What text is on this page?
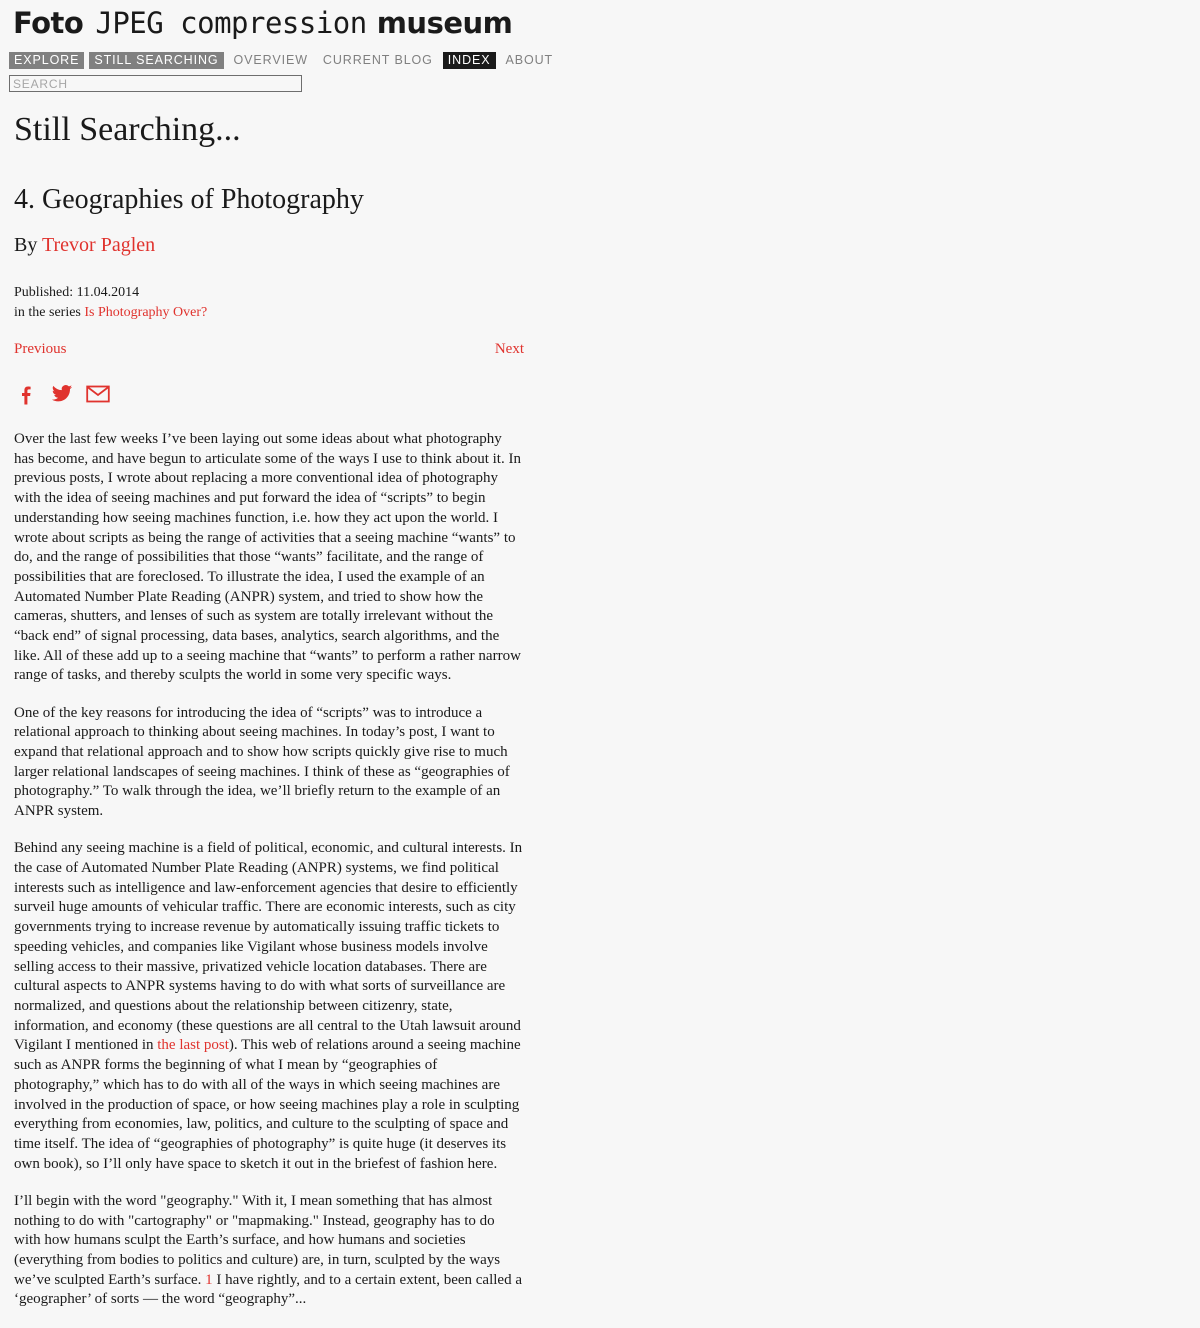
Foto JPEG compression museum
EXPLORE	STILL SEARCHING	OVERVIEW	CURRENT BLOG	INDEX	ABOUT
SEARCH
Still Searching...
4. Geographies of Photography
By Trevor Paglen
Published: 11.04.2014
in the series Is Photography Over?
Previous	Next

Over the last few weeks I’ve been laying out some ideas about what photography has become, and have begun to articulate some of the ways I use to think about it. In previous posts, I wrote about replacing a more conventional idea of photography with the idea of seeing machines and put forward the idea of “scripts” to begin understanding how seeing machines function, i.e. how they act upon the world. I wrote about scripts as being the range of activities that a seeing machine “wants” to do, and the range of possibilities that those “wants” facilitate, and the range of possibilities that are foreclosed. To illustrate the idea, I used the example of an Automated Number Plate Reading (ANPR) system, and tried to show how the cameras, shutters, and lenses of such as system are totally irrelevant without the “back end” of signal processing, data bases, analytics, search algorithms, and the like. All of these add up to a seeing machine that “wants” to perform a rather narrow range of tasks, and thereby sculpts the world in some very specific ways.

One of the key reasons for introducing the idea of “scripts” was to introduce a relational approach to thinking about seeing machines. In today’s post, I want to expand that relational approach and to show how scripts quickly give rise to much larger relational landscapes of seeing machines. I think of these as “geographies of photography.” To walk through the idea, we’ll briefly return to the example of an ANPR system.

Behind any seeing machine is a field of political, economic, and cultural interests. In the case of Automated Number Plate Reading (ANPR) systems, we find political interests such as intelligence and law-enforcement agencies that desire to efficiently surveil huge amounts of vehicular traffic. There are economic interests, such as city governments trying to increase revenue by automatically issuing traffic tickets to speeding vehicles, and companies like Vigilant whose business models involve selling access to their massive, privatized vehicle location databases. There are cultural aspects to ANPR systems having to do with what sorts of surveillance are normalized, and questions about the relationship between citizenry, state, information, and economy (these questions are all central to the Utah lawsuit around Vigilant I mentioned in the last post). This web of relations around a seeing machine such as ANPR forms the beginning of what I mean by “geographies of photography,” which has to do with all of the ways in which seeing machines are involved in the production of space, or how seeing machines play a role in sculpting everything from economies, law, politics, and culture to the sculpting of space and time itself. The idea of “geographies of photography” is quite huge (it deserves its own book), so I’ll only have space to sketch it out in the briefest of fashion here.

I’ll begin with the word "geography." With it, I mean something that has almost nothing to do with "cartography" or "mapmaking." Instead, geography has to do with how humans sculpt the Earth’s surface, and how humans and societies (everything from bodies to politics and culture) are, in turn, sculpted by the ways we’ve sculpted Earth’s surface. 1 I have rightly, and to a certain extent, been called a ‘geographer’ of sorts — the word “geography”...
